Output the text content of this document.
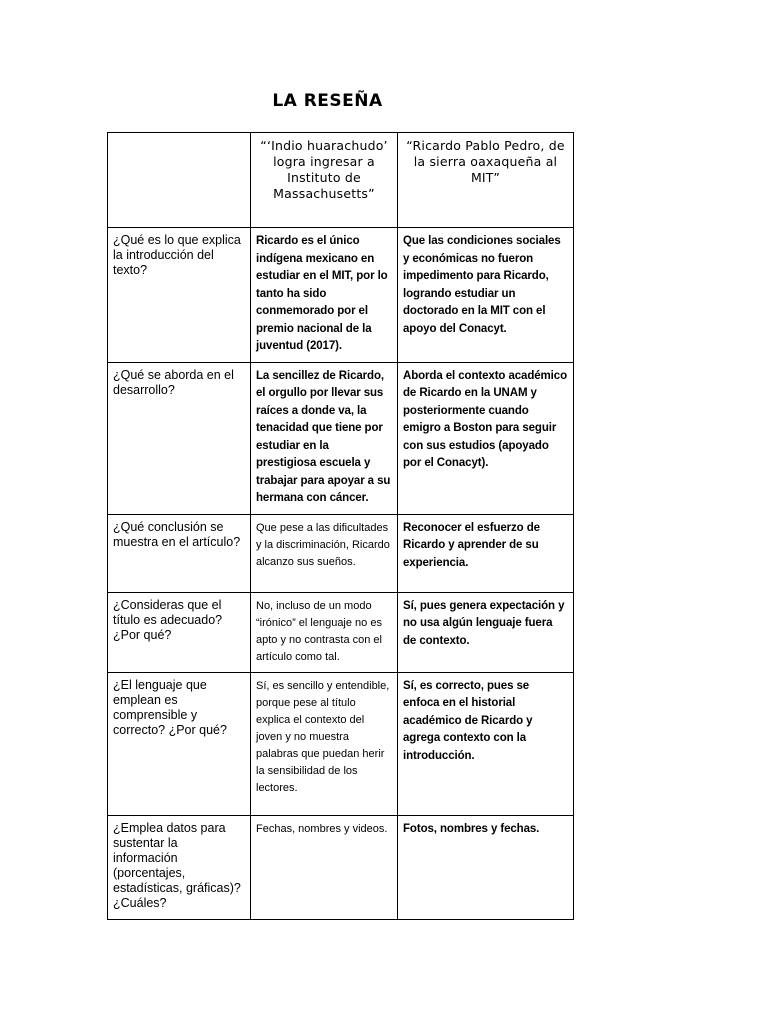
LA RESEÑA
	“‘Indio huarachudo’ logra ingresar a Instituto de Massachusetts”	“Ricardo Pablo Pedro, de la sierra oaxaqueña al MIT”
¿Qué es lo que explica la introducción del texto?	Ricardo es el único indígena mexicano en estudiar en el MIT, por lo tanto ha sido conmemorado por el premio nacional de la juventud (2017).	Que las condiciones sociales y económicas no fueron impedimento para Ricardo, logrando estudiar un doctorado en la MIT con el apoyo del Conacyt.
¿Qué se aborda en el desarrollo?	La sencillez de Ricardo, el orgullo por llevar sus raíces a donde va, la tenacidad que tiene por estudiar en la prestigiosa escuela y trabajar para apoyar a su hermana con cáncer.	Aborda el contexto académico de Ricardo en la UNAM y posteriormente cuando emigro a Boston para seguir con sus estudios (apoyado por el Conacyt).
¿Qué conclusión se muestra en el artículo?	Que pese a las dificultades y la discriminación, Ricardo alcanzo sus sueños.	Reconocer el esfuerzo de Ricardo y aprender de su experiencia.
¿Consideras que el título es adecuado? ¿Por qué?	No, incluso de un modo “irónico” el lenguaje no es apto y no contrasta con el artículo como tal.	Sí, pues genera expectación y no usa algún lenguaje fuera de contexto.
¿El lenguaje que emplean es comprensible y correcto? ¿Por qué?	Sí, es sencillo y entendible, porque pese al título explica el contexto del joven y no muestra palabras que puedan herir la sensibilidad de los lectores.	Sí, es correcto, pues se enfoca en el historial académico de Ricardo y agrega contexto con la introducción.
¿Emplea datos para sustentar la información (porcentajes, estadísticas, gráficas)? ¿Cuáles?	Fechas, nombres y videos.	Fotos, nombres y fechas.
